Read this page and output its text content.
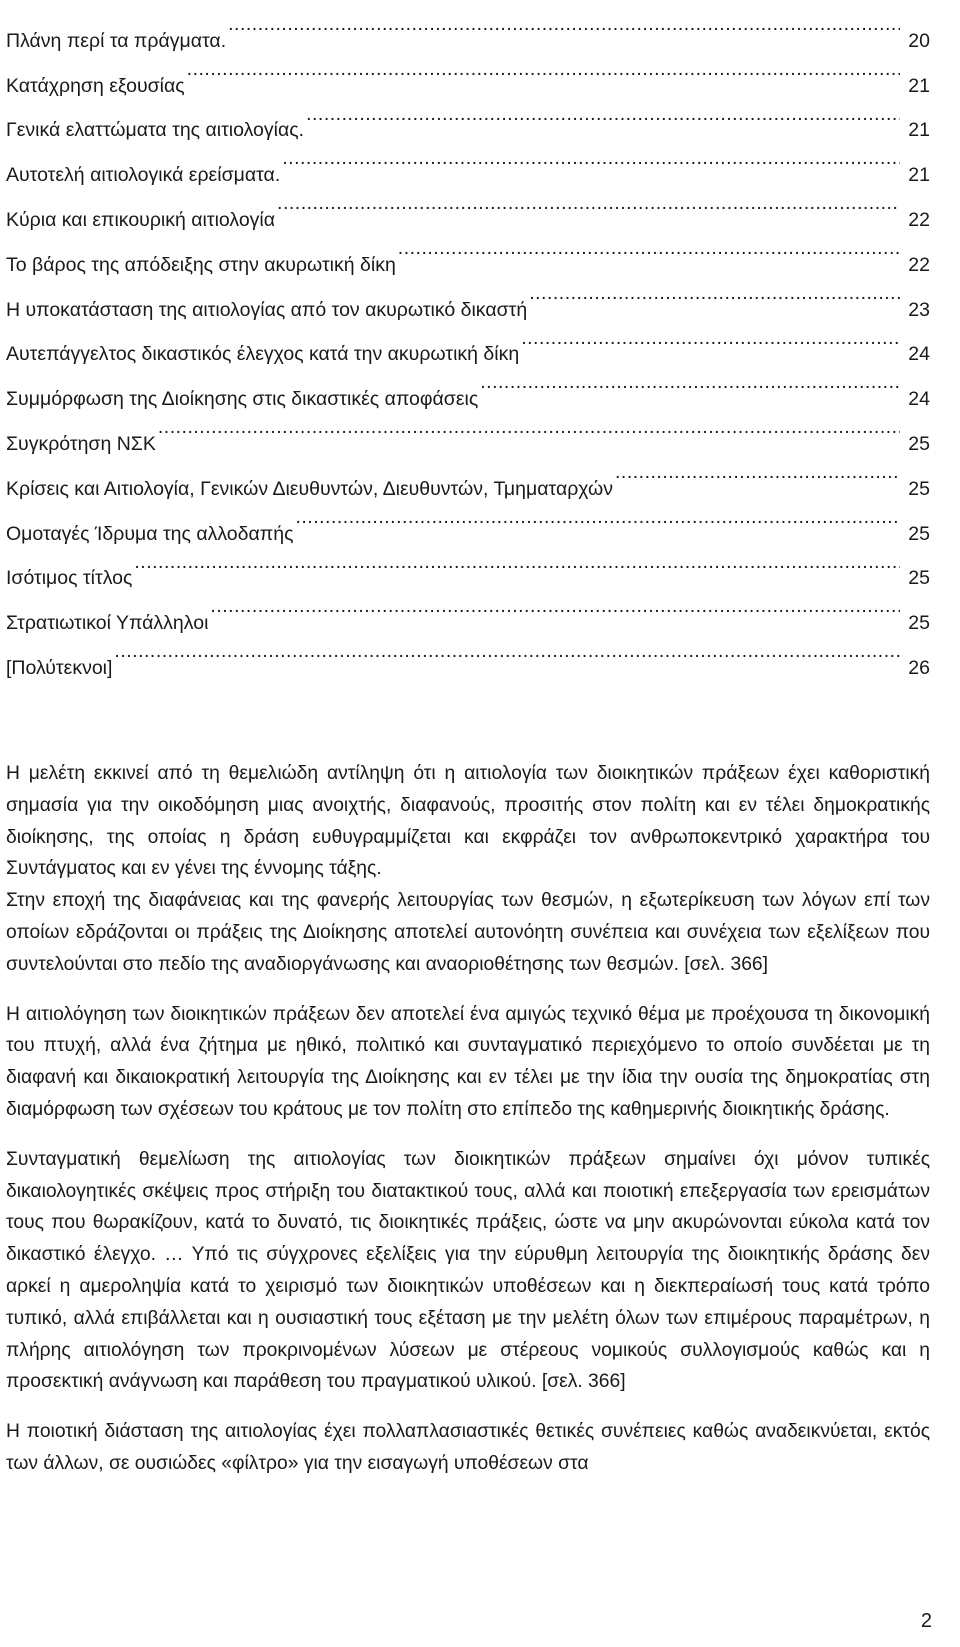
Πλάνη περί τα πράγματα. .....	20
Κατάχρηση εξουσίας .....	21
Γενικά ελαττώματα της αιτιολογίας. .....	21
Αυτοτελή αιτιολογικά ερείσματα. .....	21
Κύρια και επικουρική αιτιολογία .....	22
Το βάρος της απόδειξης στην ακυρωτική δίκη .....	22
Η υποκατάσταση της αιτιολογίας από τον ακυρωτικό δικαστή .....	23
Αυτεπάγγελτος δικαστικός έλεγχος κατά την ακυρωτική δίκη .....	24
Συμμόρφωση της Διοίκησης στις δικαστικές αποφάσεις .....	24
Συγκρότηση ΝΣΚ .....	25
Κρίσεις και Αιτιολογία, Γενικών Διευθυντών, Διευθυντών, Τμηματαρχών .....	25
Ομοταγές Ίδρυμα της αλλοδαπής .....	25
Ισότιμος τίτλος .....	25
Στρατιωτικοί Υπάλληλοι .....	25
[Πολύτεκνοι] .....	26

Η μελέτη εκκινεί από τη θεμελιώδη αντίληψη ότι η αιτιολογία των διοικητικών πράξεων έχει καθοριστική σημασία για την οικοδόμηση μιας ανοιχτής, διαφανούς, προσιτής στον πολίτη και εν τέλει δημοκρατικής διοίκησης, της οποίας η δράση ευθυγραμμίζεται και εκφράζει τον ανθρωποκεντρικό χαρακτήρα του Συντάγματος και εν γένει της έννομης τάξης.

Στην εποχή της διαφάνειας και της φανερής λειτουργίας των θεσμών, η εξωτερίκευση των λόγων επί των οποίων εδράζονται οι πράξεις της Διοίκησης αποτελεί αυτονόητη συνέπεια και συνέχεια των εξελίξεων που συντελούνται στο πεδίο της αναδιοργάνωσης και αναοριοθέτησης των θεσμών. [σελ. 366]

Η αιτιολόγηση των διοικητικών πράξεων δεν αποτελεί ένα αμιγώς τεχνικό θέμα με προέχουσα τη δικονομική του πτυχή, αλλά ένα ζήτημα με ηθικό, πολιτικό και συνταγματικό περιεχόμενο το οποίο συνδέεται με τη διαφανή και δικαιοκρατική λειτουργία της Διοίκησης και εν τέλει με την ίδια την ουσία της δημοκρατίας στη διαμόρφωση των σχέσεων του κράτους με τον πολίτη στο επίπεδο της καθημερινής διοικητικής δράσης.

Συνταγματική θεμελίωση της αιτιολογίας των διοικητικών πράξεων σημαίνει όχι μόνον τυπικές δικαιολογητικές σκέψεις προς στήριξη του διατακτικού τους, αλλά και ποιοτική επεξεργασία των ερεισμάτων τους που θωρακίζουν, κατά το δυνατό, τις διοικητικές πράξεις, ώστε να μην ακυρώνονται εύκολα κατά τον δικαστικό έλεγχο. … Υπό τις σύγχρονες εξελίξεις για την εύρυθμη λειτουργία της διοικητικής δράσης δεν αρκεί η αμεροληψία κατά το χειρισμό των διοικητικών υποθέσεων και η διεκπεραίωσή τους κατά τρόπο τυπικό, αλλά επιβάλλεται και η ουσιαστική τους εξέταση με την μελέτη όλων των επιμέρους παραμέτρων, η πλήρης αιτιολόγηση των προκρινομένων λύσεων με στέρεους νομικούς συλλογισμούς καθώς και η προσεκτική ανάγνωση και παράθεση του πραγματικού υλικού. [σελ. 366]

Η ποιοτική διάσταση της αιτιολογίας έχει πολλαπλασιαστικές θετικές συνέπειες καθώς αναδεικνύεται, εκτός των άλλων, σε ουσιώδες «φίλτρο» για την εισαγωγή υποθέσεων στα

2
